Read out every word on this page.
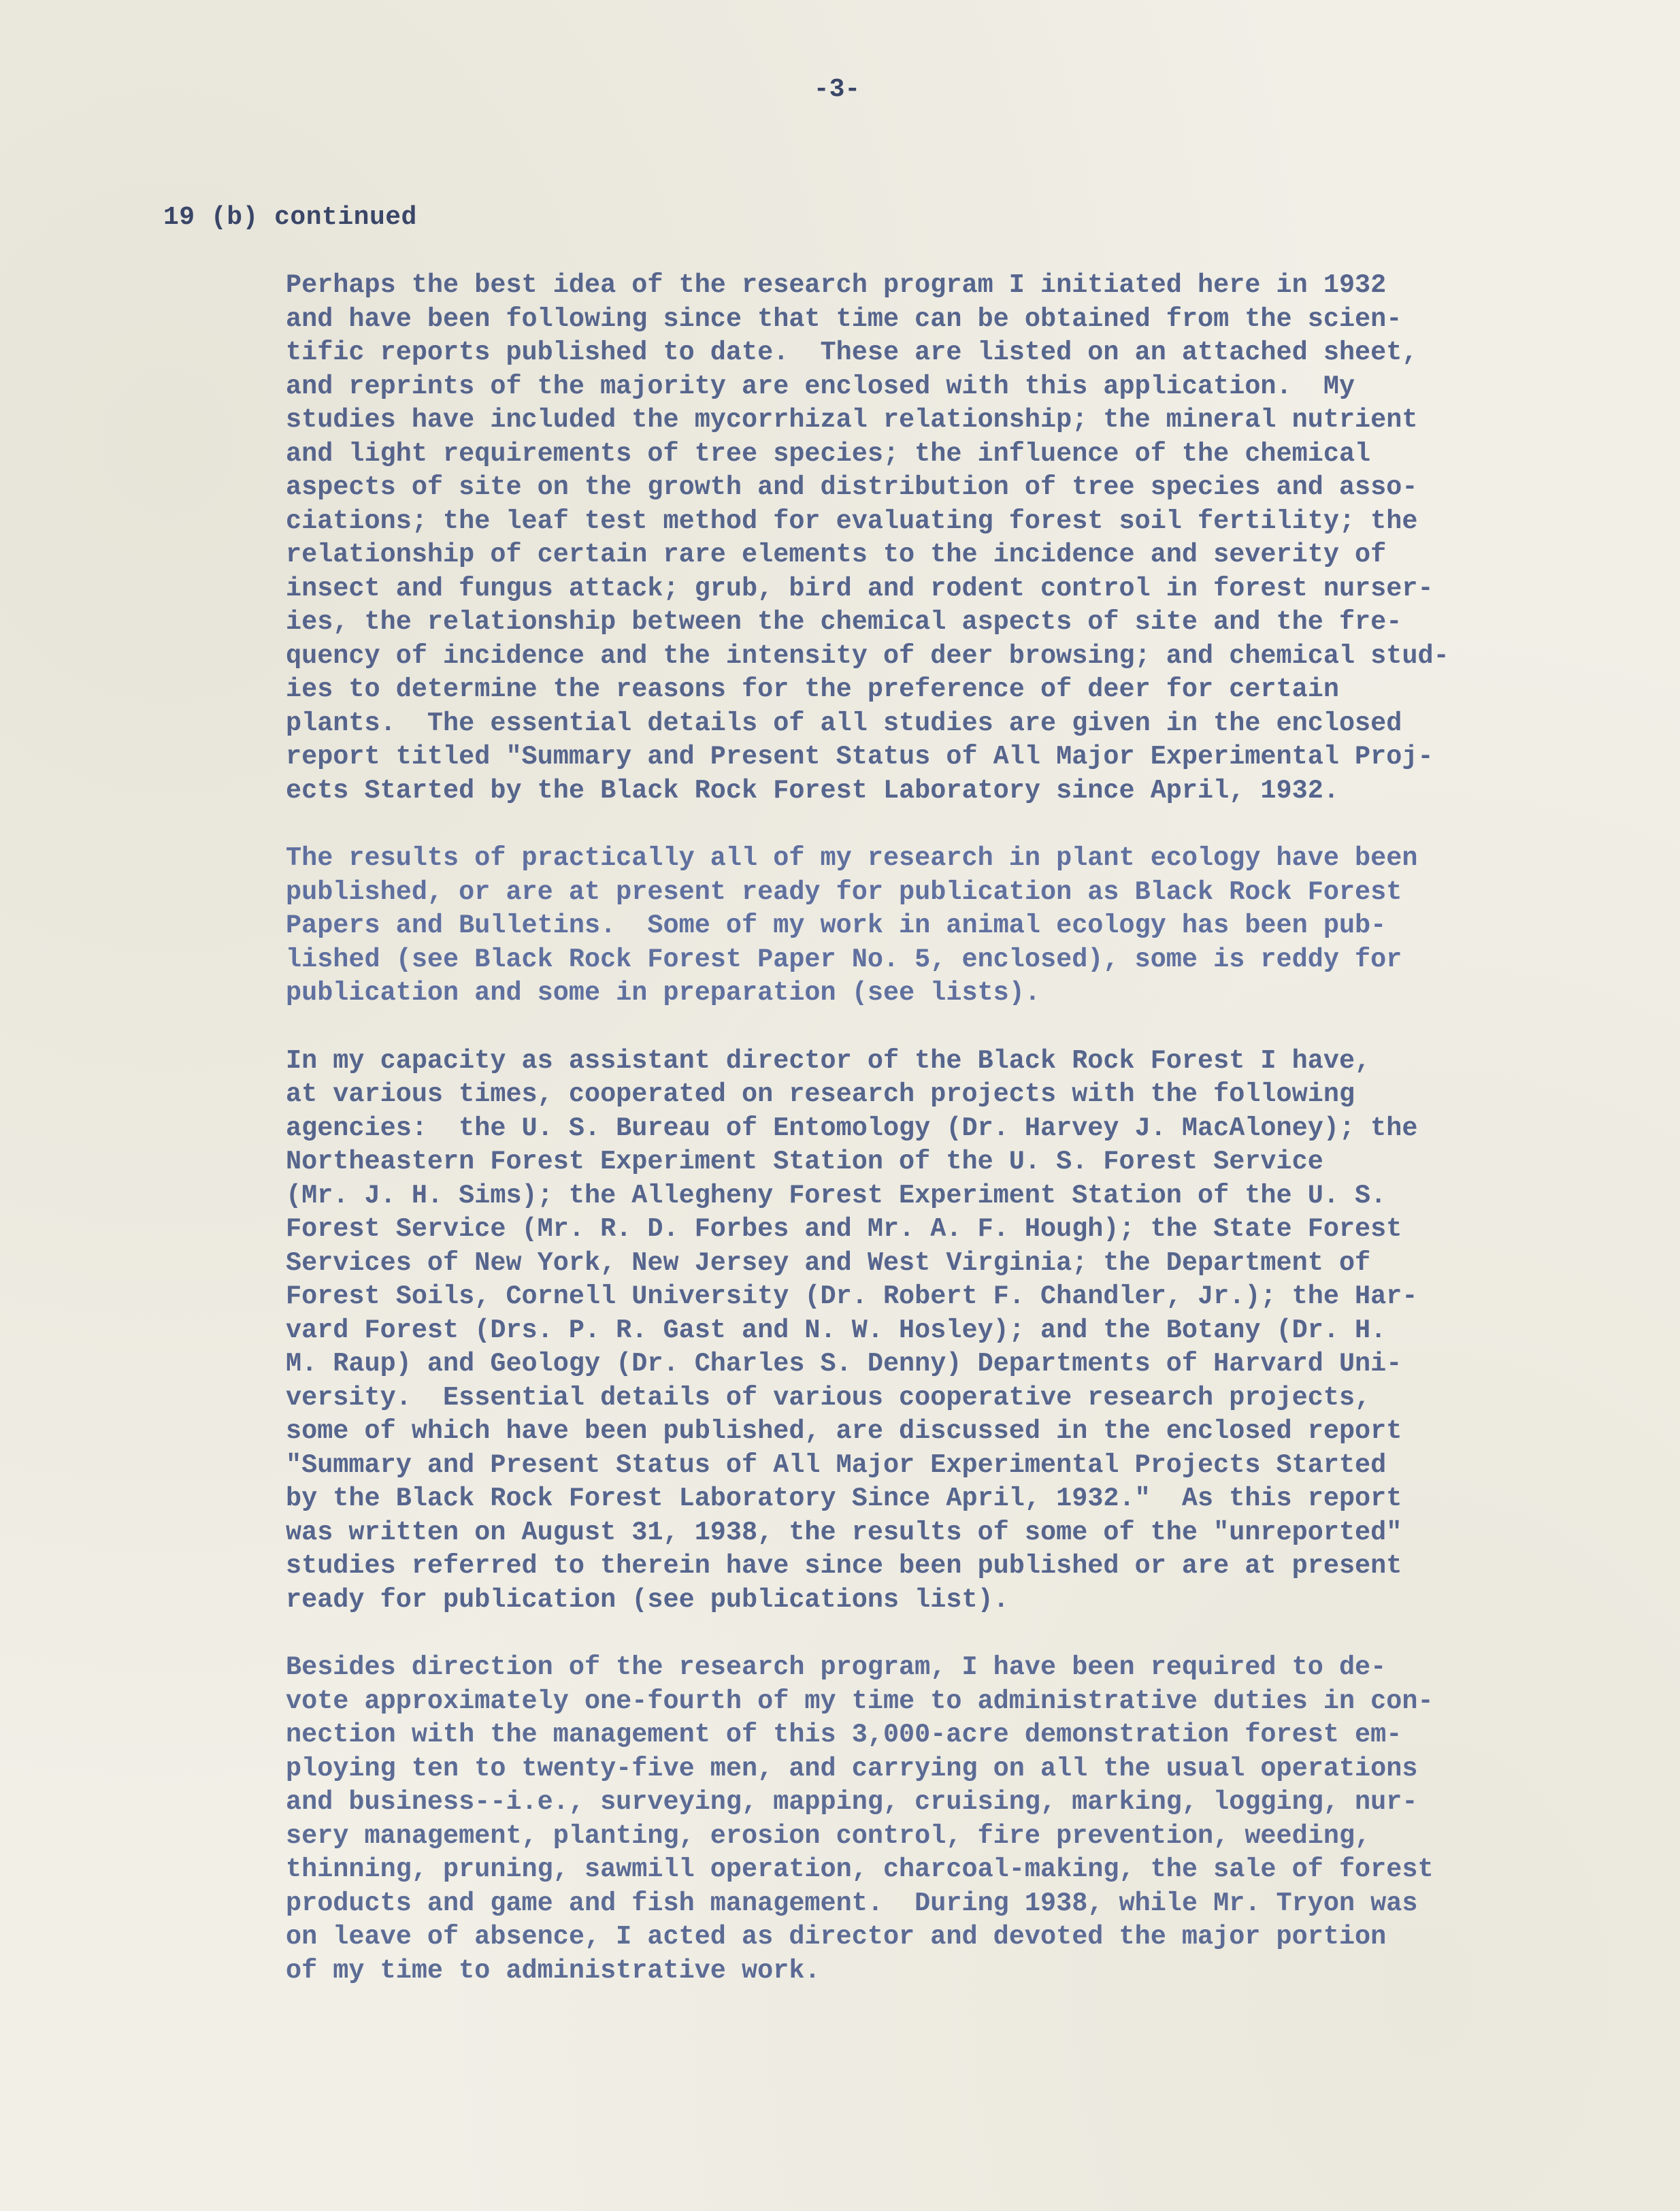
-3-
19 (b) continued
Perhaps the best idea of the research program I initiated here in 1932
and have been following since that time can be obtained from the scien-
tific reports published to date.  These are listed on an attached sheet,
and reprints of the majority are enclosed with this application.  My
studies have included the mycorrhizal relationship; the mineral nutrient
and light requirements of tree species; the influence of the chemical
aspects of site on the growth and distribution of tree species and asso-
ciations; the leaf test method for evaluating forest soil fertility; the
relationship of certain rare elements to the incidence and severity of
insect and fungus attack; grub, bird and rodent control in forest nurser-
ies, the relationship between the chemical aspects of site and the fre-
quency of incidence and the intensity of deer browsing; and chemical stud-
ies to determine the reasons for the preference of deer for certain
plants.  The essential details of all studies are given in the enclosed
report titled "Summary and Present Status of All Major Experimental Proj-
ects Started by the Black Rock Forest Laboratory since April, 1932.
The results of practically all of my research in plant ecology have been
published, or are at present ready for publication as Black Rock Forest
Papers and Bulletins.  Some of my work in animal ecology has been pub-
lished (see Black Rock Forest Paper No. 5, enclosed), some is reddy for
publication and some in preparation (see lists).
In my capacity as assistant director of the Black Rock Forest I have,
at various times, cooperated on research projects with the following
agencies:  the U. S. Bureau of Entomology (Dr. Harvey J. MacAloney); the
Northeastern Forest Experiment Station of the U. S. Forest Service
(Mr. J. H. Sims); the Allegheny Forest Experiment Station of the U. S.
Forest Service (Mr. R. D. Forbes and Mr. A. F. Hough); the State Forest
Services of New York, New Jersey and West Virginia; the Department of
Forest Soils, Cornell University (Dr. Robert F. Chandler, Jr.); the Har-
vard Forest (Drs. P. R. Gast and N. W. Hosley); and the Botany (Dr. H.
M. Raup) and Geology (Dr. Charles S. Denny) Departments of Harvard Uni-
versity.  Essential details of various cooperative research projects,
some of which have been published, are discussed in the enclosed report
"Summary and Present Status of All Major Experimental Projects Started
by the Black Rock Forest Laboratory Since April, 1932."  As this report
was written on August 31, 1938, the results of some of the "unreported"
studies referred to therein have since been published or are at present
ready for publication (see publications list).
Besides direction of the research program, I have been required to de-
vote approximately one-fourth of my time to administrative duties in con-
nection with the management of this 3,000-acre demonstration forest em-
ploying ten to twenty-five men, and carrying on all the usual operations
and business--i.e., surveying, mapping, cruising, marking, logging, nur-
sery management, planting, erosion control, fire prevention, weeding,
thinning, pruning, sawmill operation, charcoal-making, the sale of forest
products and game and fish management.  During 1938, while Mr. Tryon was
on leave of absence, I acted as director and devoted the major portion
of my time to administrative work.
